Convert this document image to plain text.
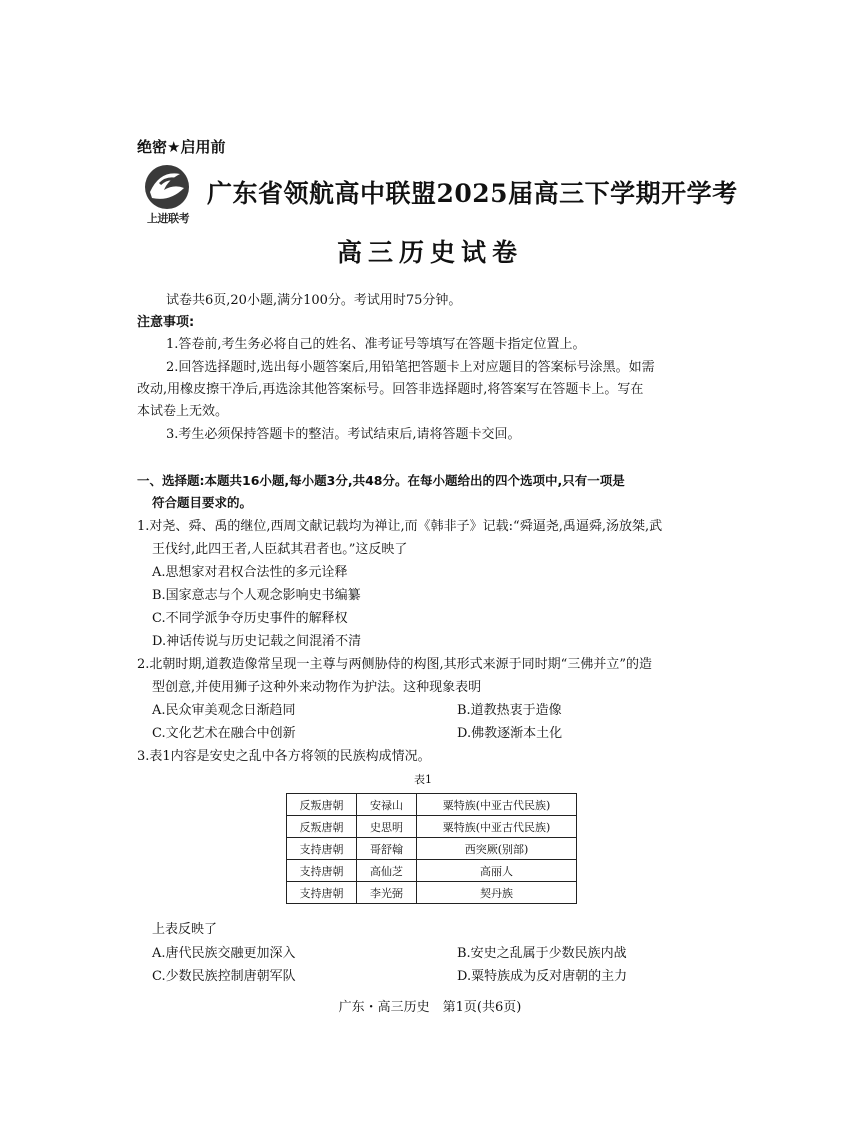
绝密★启用前
上进联考
广东省领航高中联盟2025届高三下学期开学考
高三历史试卷
试卷共6页,20小题,满分100分。考试用时75分钟。
注意事项:
1.答卷前,考生务必将自己的姓名、准考证号等填写在答题卡指定位置上。
2.回答选择题时,选出每小题答案后,用铅笔把答题卡上对应题目的答案标号涂黑。如需
改动,用橡皮擦干净后,再选涂其他答案标号。回答非选择题时,将答案写在答题卡上。写在
本试卷上无效。
3.考生必须保持答题卡的整洁。考试结束后,请将答题卡交回。
一、选择题:本题共16小题,每小题3分,共48分。在每小题给出的四个选项中,只有一项是
符合题目要求的。
1.对尧、舜、禹的继位,西周文献记载均为禅让,而《韩非子》记载:“舜逼尧,禹逼舜,汤放桀,武
王伐纣,此四王者,人臣弑其君者也。”这反映了
A.思想家对君权合法性的多元诠释
B.国家意志与个人观念影响史书编纂
C.不同学派争夺历史事件的解释权
D.神话传说与历史记载之间混淆不清
2.北朝时期,道教造像常呈现一主尊与两侧胁侍的构图,其形式来源于同时期“三佛并立”的造
型创意,并使用狮子这种外来动物作为护法。这种现象表明
A.民众审美观念日渐趋同	B.道教热衷于造像
C.文化艺术在融合中创新	D.佛教逐渐本土化
3.表1内容是安史之乱中各方将领的民族构成情况。
表1
反叛唐朝	安禄山	粟特族(中亚古代民族)
反叛唐朝	史思明	粟特族(中亚古代民族)
支持唐朝	哥舒翰	西突厥(别部)
支持唐朝	高仙芝	高丽人
支持唐朝	李光弼	契丹族
上表反映了
A.唐代民族交融更加深入	B.安史之乱属于少数民族内战
C.少数民族控制唐朝军队	D.粟特族成为反对唐朝的主力
广东・高三历史　第1页(共6页)
